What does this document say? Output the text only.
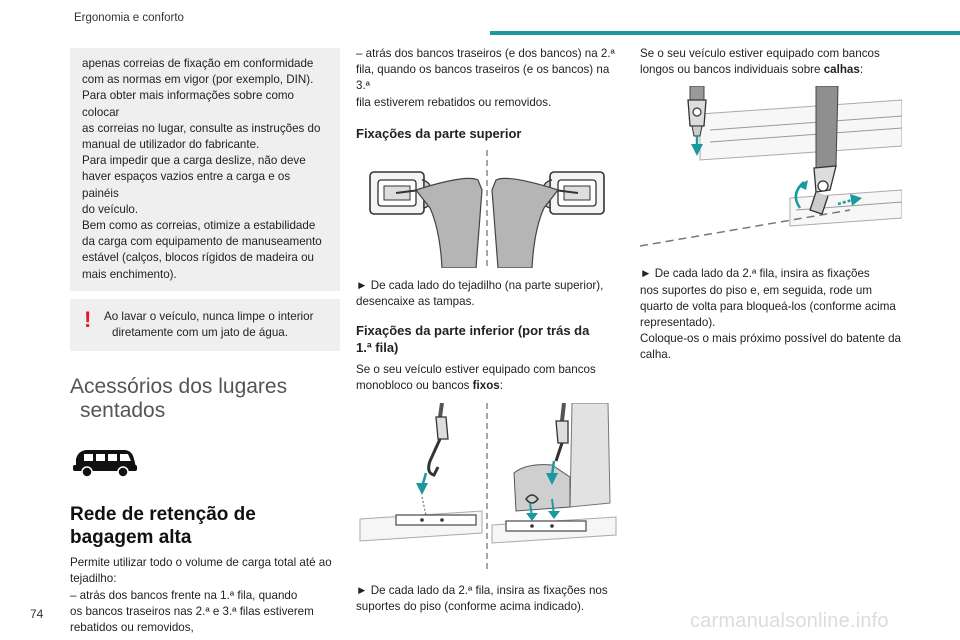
Ergonomia e conforto

apenas correias de fixação em conformidade

com as normas em vigor (por exemplo, DIN).

Para obter mais informações sobre como colocar

as correias no lugar, consulte as instruções do

manual de utilizador do fabricante.

Para impedir que a carga deslize, não deve

haver espaços vazios entre a carga e os painéis

do veículo.

Bem como as correias, otimize a estabilidade

da carga com equipamento de manuseamento

estável (calços, blocos rígidos de madeira ou

mais enchimento).

! Ao lavar o veículo, nunca limpe o interior

diretamente com um jato de água.

Acessórios dos lugares
sentados
Rede de retenção de bagagem alta

Permite utilizar todo o volume de carga total até ao

tejadilho:

– atrás dos bancos frente na 1.ª fila, quando

os bancos traseiros nas 2.ª e 3.ª filas estiverem

rebatidos ou removidos,

– atrás dos bancos traseiros (e dos bancos) na 2.ª

fila, quando os bancos traseiros (e os bancos) na 3.ª

fila estiverem rebatidos ou removidos.

Fixações da parte superior

► De cada lado do tejadilho (na parte superior),

desencaixe as tampas.

Fixações da parte inferior (por trás da
1.ª fila)

Se o seu veículo estiver equipado com bancos

monobloco ou bancos fixos:

► De cada lado da 2.ª fila, insira as fixações nos

suportes do piso (conforme acima indicado).

Se o seu veículo estiver equipado com bancos

longos ou bancos individuais sobre calhas:

► De cada lado da 2.ª fila, insira as fixações

nos suportes do piso e, em seguida, rode um

quarto de volta para bloqueá-los (conforme acima

representado).

Coloque-os o mais próximo possível do batente da

calha.

74	carmanualsonline.info
